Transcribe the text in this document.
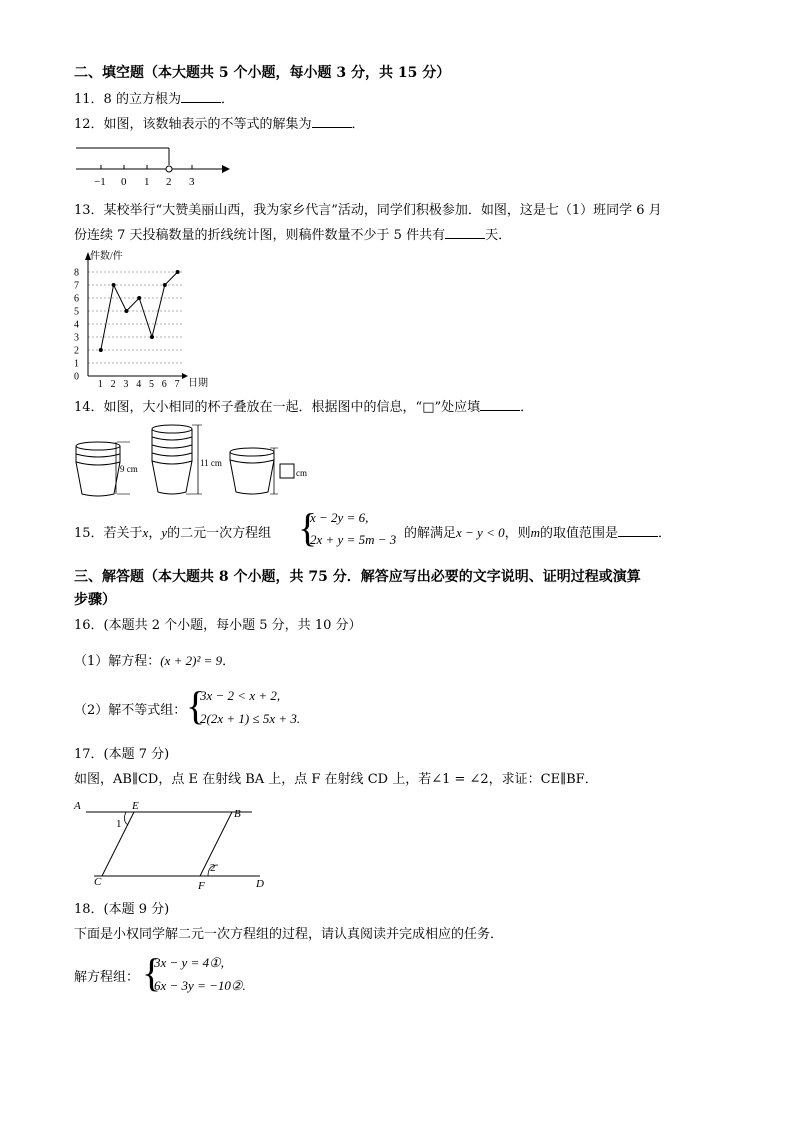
二、填空题（本大题共 5 个小题，每小题 3 分，共 15 分）
11．8 的立方根为	．
12．如图，该数轴表示的不等式的解集为	．
−1 0 1 2 3
13．某校举行“大赞美丽山西，我为家乡代言”活动，同学们积极参加．如图，这是七（1）班同学 6 月
份连续 7 天投稿数量的折线统计图，则稿件数量不少于 5 件共有	天．
件数/件
日期
0
1
2
3
4
5
6
7
8
1 2 3 4 5 6 7
14．如图，大小相同的杯子叠放在一起．根据图中的信息，“□”处应填	．
9 cm
11 cm
cm
15．若关于x，y的二元一次方程组 {
x − 2y = 6,
2x + y = 5m − 3 的解满足x − y < 0，则m的取值范围是	．
三、解答题（本大题共 8 个小题，共 75 分．解答应写出必要的文字说明、证明过程或演算
步骤）
16．(本题共 2 个小题，每小题 5 分，共 10 分）
（1）解方程：(x + 2)² = 9．
（2）解不等式组： {
3x − 2 < x + 2,
2(2x + 1) ≤ 5x + 3.
17．(本题 7 分)
如图，AB∥CD，点 E 在射线 BA 上，点 F 在射线 CD 上，若∠1 = ∠2，求证：CE∥BF．
A	E
B
1
C	F	D
2
18．(本题 9 分)
下面是小权同学解二元一次方程组的过程，请认真阅读并完成相应的任务．
解方程组： {
3x − y = 4①,
6x − 3y = −10②.
